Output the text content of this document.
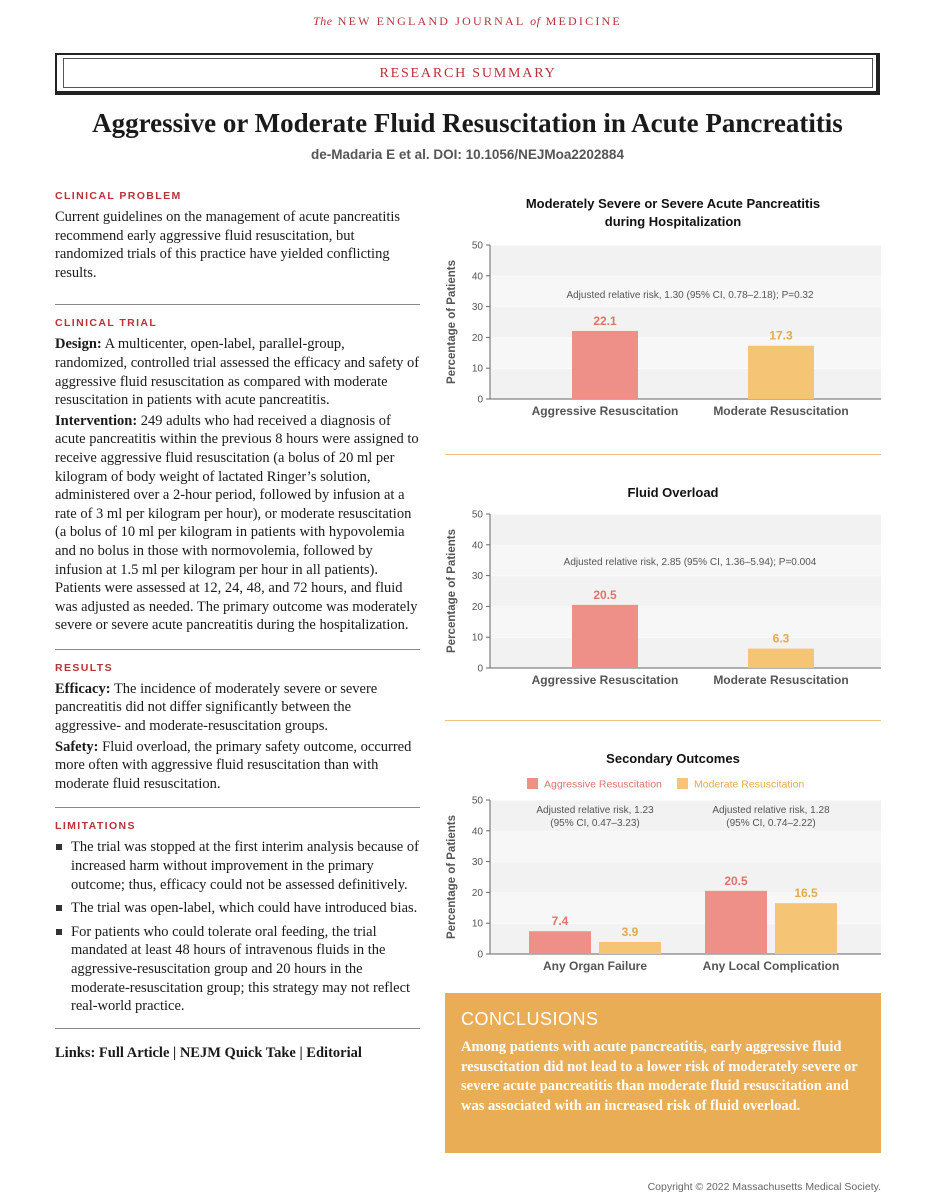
The NEW ENGLAND JOURNAL of MEDICINE
RESEARCH SUMMARY
Aggressive or Moderate Fluid Resuscitation in Acute Pancreatitis
de-Madaria E et al. DOI: 10.1056/NEJMoa2202884
CLINICAL PROBLEM

Current guidelines on the management of acute pancreatitis recommend early aggressive fluid resuscitation, but randomized trials of this practice have yielded conflicting results.

CLINICAL TRIAL

Design: A multicenter, open-label, parallel-group, randomized, controlled trial assessed the efficacy and safety of aggressive fluid resuscitation as compared with moderate resuscitation in patients with acute pancreatitis.

Intervention: 249 adults who had received a diagnosis of acute pancreatitis within the previous 8 hours were assigned to receive aggressive fluid resuscitation (a bolus of 20 ml per kilogram of body weight of lactated Ringer’s solution, administered over a 2-hour period, followed by infusion at a rate of 3 ml per kilogram per hour), or moderate resuscitation (a bolus of 10 ml per kilogram in patients with hypovolemia and no bolus in those with normovolemia, followed by infusion at 1.5 ml per kilogram per hour in all patients). Patients were assessed at 12, 24, 48, and 72 hours, and fluid was adjusted as needed. The primary outcome was moderately severe or severe acute pancreatitis during the hospitalization.

RESULTS

Efficacy: The incidence of moderately severe or severe pancreatitis did not differ significantly between the aggressive- and moderate-resuscitation groups.

Safety: Fluid overload, the primary safety outcome, occurred more often with aggressive fluid resuscitation than with moderate fluid resuscitation.

LIMITATIONS
The trial was stopped at the first interim analysis because of increased harm without improvement in the primary outcome; thus, efficacy could not be assessed definitively.
The trial was open-label, which could have introduced bias.
For patients who could tolerate oral feeding, the trial mandated at least 48 hours of intravenous fluids in the aggressive-resuscitation group and 20 hours in the moderate-resuscitation group; this strategy may not reflect real-world practice.
Links: Full Article | NEJM Quick Take | Editorial
Moderately Severe or Severe Acute Pancreatitis
during Hospitalization
0
10
20
30
40
50
Percentage of Patients	Adjusted relative risk, 1.30 (95% CI, 0.78–2.18); P=0.32
22.1
Aggressive Resuscitation
17.3
Moderate Resuscitation
Fluid Overload
0
10
20
30
40
50
Percentage of Patients	Adjusted relative risk, 2.85 (95% CI, 1.36–5.94); P=0.004
20.5
Aggressive Resuscitation
6.3
Moderate Resuscitation
Secondary Outcomes
Aggressive Resuscitation	Moderate Resuscitation
0
10
20
30
40
50
Percentage of Patients
Adjusted relative risk, 1.23
(95% CI, 0.47–3.23)
Adjusted relative risk, 1.28
(95% CI, 0.74–2.22)
7.4
3.9
Any Organ Failure
20.5
16.5
Any Local Complication
CONCLUSIONS

Among patients with acute pancreatitis, early aggressive fluid resuscitation did not lead to a lower risk of moderately severe or severe acute pancreatitis than moderate fluid resuscitation and was associated with an increased risk of fluid overload.

Copyright © 2022 Massachusetts Medical Society.
